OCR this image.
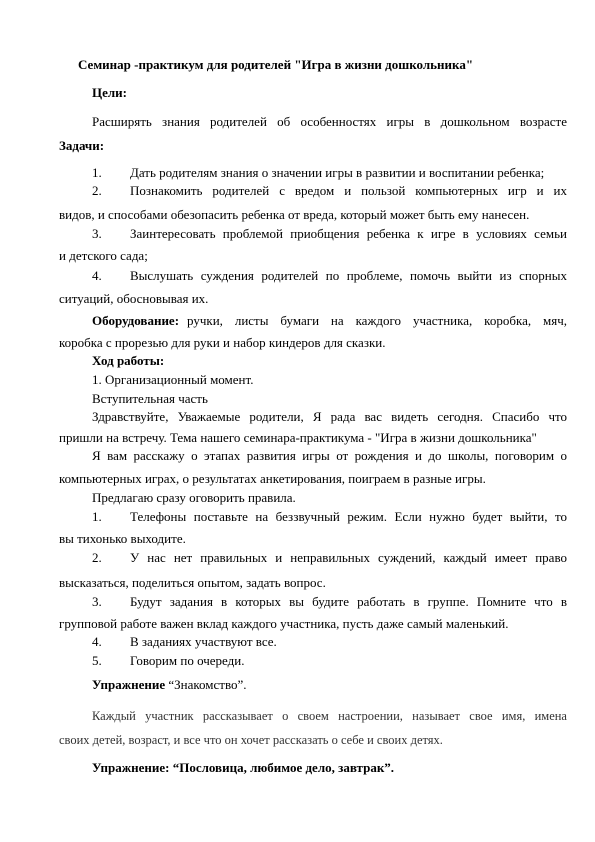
Семинар -практикум для родителей "Игра в жизни дошкольника"
Цели:
Расширять знания родителей об особенностях игры в дошкольном возрасте
Задачи:
1. Дать родителям знания о значении игры в развитии и воспитании ребенка;
2. Познакомить родителей с вредом и пользой компьютерных игр и их
видов, и способами обезопасить ребенка от вреда, который может быть ему нанесен.
3. Заинтересовать проблемой приобщения ребенка к игре в условиях семьи
и детского сада;
4. Выслушать суждения родителей по проблеме, помочь выйти из спорных
ситуаций, обосновывая их.
Оборудование: ручки, листы бумаги на каждого участника, коробка, мяч,
коробка с прорезью для руки и набор киндеров для сказки.
Ход работы:
1. Организационный момент.
Вступительная часть
Здравствуйте, Уважаемые родители, Я рада вас видеть сегодня. Спасибо что
пришли на встречу. Тема нашего семинара-практикума - "Игра в жизни дошкольника"
Я вам расскажу о этапах развития игры от рождения и до школы, поговорим о
компьютерных играх, о результатах анкетирования, поиграем в разные игры.
Предлагаю сразу оговорить правила.
1. Телефоны поставьте на беззвучный режим. Если нужно будет выйти, то
вы тихонько выходите.
2. У нас нет правильных и неправильных суждений, каждый имеет право
высказаться, поделиться опытом, задать вопрос.
3. Будут задания в которых вы будите работать в группе. Помните что в
групповой работе важен вклад каждого участника, пусть даже самый маленький.
4. В заданиях участвуют все.
5. Говорим по очереди.
Упражнение “Знакомство”.
Каждый участник рассказывает о своем настроении, называет свое имя, имена
своих детей, возраст, и все что он хочет рассказать о себе и своих детях.
Упражнение: “Пословица, любимое дело, завтрак”.
